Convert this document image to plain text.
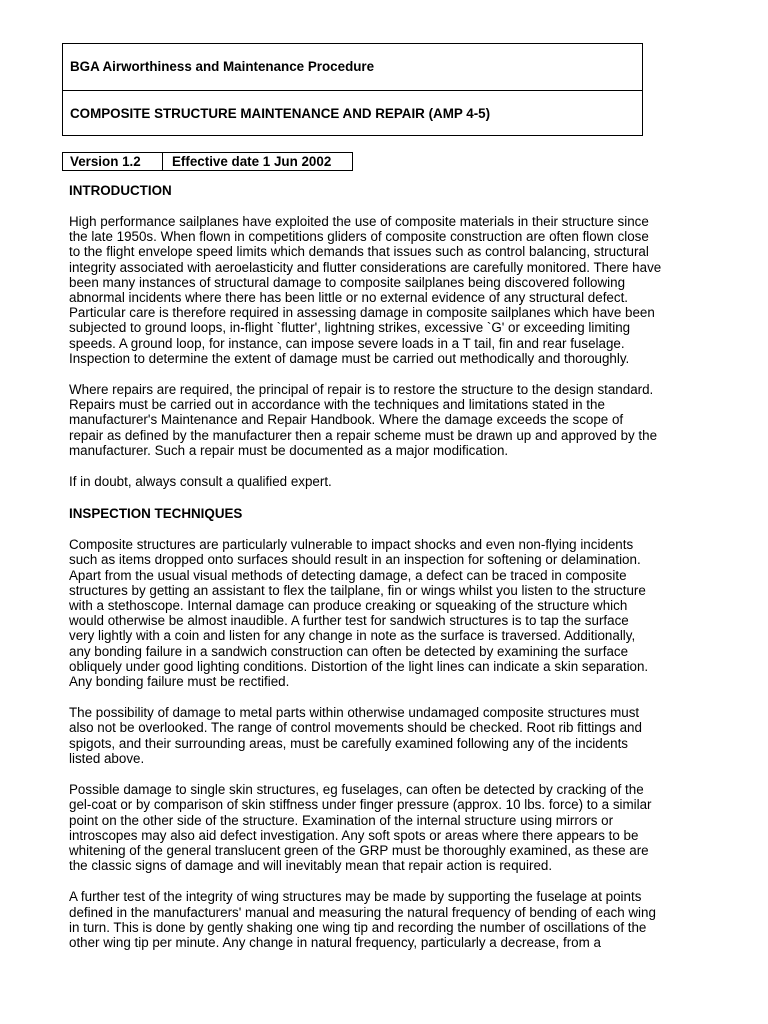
BGA Airworthiness and Maintenance Procedure
COMPOSITE STRUCTURE MAINTENANCE AND REPAIR (AMP 4-5)
Version 1.2	Effective date 1 Jun 2002
INTRODUCTION

High performance sailplanes have exploited the use of composite materials in their structure since
the late 1950s. When flown in competitions gliders of composite construction are often flown close
to the flight envelope speed limits which demands that issues such as control balancing, structural
integrity associated with aeroelasticity and flutter considerations are carefully monitored. There have
been many instances of structural damage to composite sailplanes being discovered following
abnormal incidents where there has been little or no external evidence of any structural defect.
Particular care is therefore required in assessing damage in composite sailplanes which have been
subjected to ground loops, in-flight `flutter', lightning strikes, excessive `G' or exceeding limiting
speeds. A ground loop, for instance, can impose severe loads in a T tail, fin and rear fuselage.
Inspection to determine the extent of damage must be carried out methodically and thoroughly.

Where repairs are required, the principal of repair is to restore the structure to the design standard.
Repairs must be carried out in accordance with the techniques and limitations stated in the
manufacturer's Maintenance and Repair Handbook. Where the damage exceeds the scope of
repair as defined by the manufacturer then a repair scheme must be drawn up and approved by the
manufacturer. Such a repair must be documented as a major modification.

If in doubt, always consult a qualified expert.

INSPECTION TECHNIQUES

Composite structures are particularly vulnerable to impact shocks and even non-flying incidents
such as items dropped onto surfaces should result in an inspection for softening or delamination.
Apart from the usual visual methods of detecting damage, a defect can be traced in composite
structures by getting an assistant to flex the tailplane, fin or wings whilst you listen to the structure
with a stethoscope. Internal damage can produce creaking or squeaking of the structure which
would otherwise be almost inaudible. A further test for sandwich structures is to tap the surface
very lightly with a coin and listen for any change in note as the surface is traversed. Additionally,
any bonding failure in a sandwich construction can often be detected by examining the surface
obliquely under good lighting conditions. Distortion of the light lines can indicate a skin separation.
Any bonding failure must be rectified.

The possibility of damage to metal parts within otherwise undamaged composite structures must
also not be overlooked. The range of control movements should be checked. Root rib fittings and
spigots, and their surrounding areas, must be carefully examined following any of the incidents
listed above.

Possible damage to single skin structures, eg fuselages, can often be detected by cracking of the
gel-coat or by comparison of skin stiffness under finger pressure (approx. 10 lbs. force) to a similar
point on the other side of the structure. Examination of the internal structure using mirrors or
introscopes may also aid defect investigation. Any soft spots or areas where there appears to be
whitening of the general translucent green of the GRP must be thoroughly examined, as these are
the classic signs of damage and will inevitably mean that repair action is required.

A further test of the integrity of wing structures may be made by supporting the fuselage at points
defined in the manufacturers' manual and measuring the natural frequency of bending of each wing
in turn. This is done by gently shaking one wing tip and recording the number of oscillations of the
other wing tip per minute. Any change in natural frequency, particularly a decrease, from a
